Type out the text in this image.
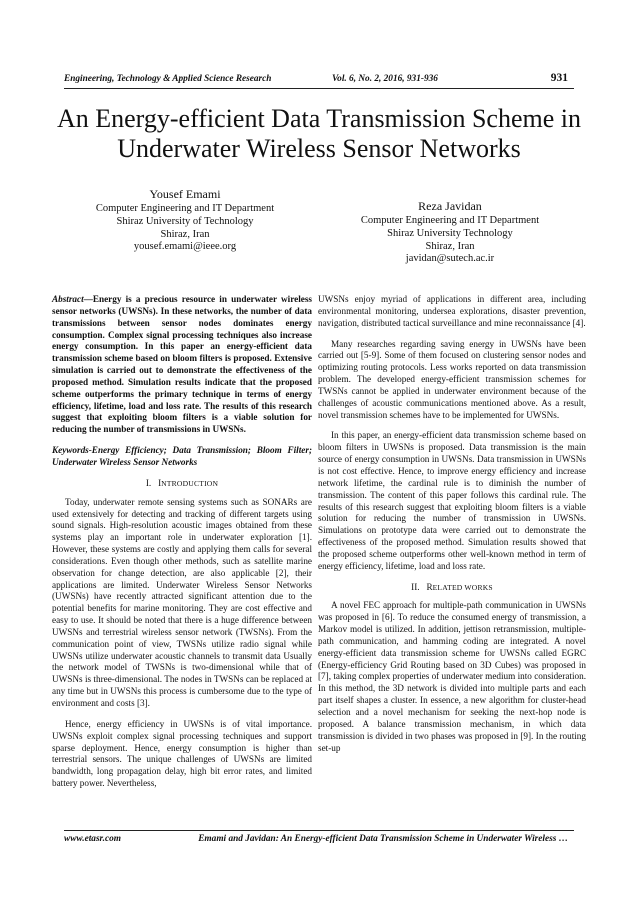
Engineering, Technology & Applied Science Research	Vol. 6, No. 2, 2016, 931-936	931
An Energy-efficient Data Transmission Scheme in
Underwater Wireless Sensor Networks
Yousef Emami
Computer Engineering and IT Department
Shiraz University of Technology
Shiraz, Iran
yousef.emami@ieee.org
Reza Javidan
Computer Engineering and IT Department
Shiraz University Technology
Shiraz, Iran
javidan@sutech.ac.ir

Abstract—Energy is a precious resource in underwater wireless sensor networks (UWSNs). In these networks, the number of data transmissions between sensor nodes dominates energy consumption. Complex signal processing techniques also increase energy consumption. In this paper an energy-efficient data transmission scheme based on bloom filters is proposed. Extensive simulation is carried out to demonstrate the effectiveness of the proposed method. Simulation results indicate that the proposed scheme outperforms the primary technique in terms of energy efficiency, lifetime, load and loss rate. The results of this research suggest that exploiting bloom filters is a viable solution for reducing the number of transmissions in UWSNs.

Keywords-Energy Efficiency; Data Transmission; Bloom Filter; Underwater Wireless Sensor Networks

I. INTRODUCTION

Today, underwater remote sensing systems such as SONARs are used extensively for detecting and tracking of different targets using sound signals. High-resolution acoustic images obtained from these systems play an important role in underwater exploration [1]. However, these systems are costly and applying them calls for several considerations. Even though other methods, such as satellite marine observation for change detection, are also applicable [2], their applications are limited. Underwater Wireless Sensor Networks (UWSNs) have recently attracted significant attention due to the potential benefits for marine monitoring. They are cost effective and easy to use. It should be noted that there is a huge difference between UWSNs and terrestrial wireless sensor network (TWSNs). From the communication point of view, TWSNs utilize radio signal while UWSNs utilize underwater acoustic channels to transmit data Usually the network model of TWSNs is two-dimensional while that of UWSNs is three-dimensional. The nodes in TWSNs can be replaced at any time but in UWSNs this process is cumbersome due to the type of environment and costs [3].

Hence, energy efficiency in UWSNs is of vital importance. UWSNs exploit complex signal processing techniques and support sparse deployment. Hence, energy consumption is higher than terrestrial sensors. The unique challenges of UWSNs are limited bandwidth, long propagation delay, high bit error rates, and limited battery power. Nevertheless,

UWSNs enjoy myriad of applications in different area, including environmental monitoring, undersea explorations, disaster prevention, navigation, distributed tactical surveillance and mine reconnaissance [4].

Many researches regarding saving energy in UWSNs have been carried out [5-9]. Some of them focused on clustering sensor nodes and optimizing routing protocols. Less works reported on data transmission problem. The developed energy-efficient transmission schemes for TWSNs cannot be applied in underwater environment because of the challenges of acoustic communications mentioned above. As a result, novel transmission schemes have to be implemented for UWSNs.

In this paper, an energy-efficient data transmission scheme based on bloom filters in UWSNs is proposed. Data transmission is the main source of energy consumption in UWSNs. Data transmission in UWSNs is not cost effective. Hence, to improve energy efficiency and increase network lifetime, the cardinal rule is to diminish the number of transmission. The content of this paper follows this cardinal rule. The results of this research suggest that exploiting bloom filters is a viable solution for reducing the number of transmission in UWSNs. Simulations on prototype data were carried out to demonstrate the effectiveness of the proposed method. Simulation results showed that the proposed scheme outperforms other well-known method in term of energy efficiency, lifetime, load and loss rate.

II. RELATED WORKS

A novel FEC approach for multiple-path communication in UWSNs was proposed in [6]. To reduce the consumed energy of transmission, a Markov model is utilized. In addition, jettison retransmission, multiple-path communication, and hamming coding are integrated. A novel energy-efficient data transmission scheme for UWSNs called EGRC (Energy-efficiency Grid Routing based on 3D Cubes) was proposed in [7], taking complex properties of underwater medium into consideration. In this method, the 3D network is divided into multiple parts and each part itself shapes a cluster. In essence, a new algorithm for cluster-head selection and a novel mechanism for seeking the next-hop node is proposed. A balance transmission mechanism, in which data transmission is divided in two phases was proposed in [9]. In the routing set-up

www.etasr.com	Emami and Javidan: An Energy-efficient Data Transmission Scheme in Underwater Wireless …
